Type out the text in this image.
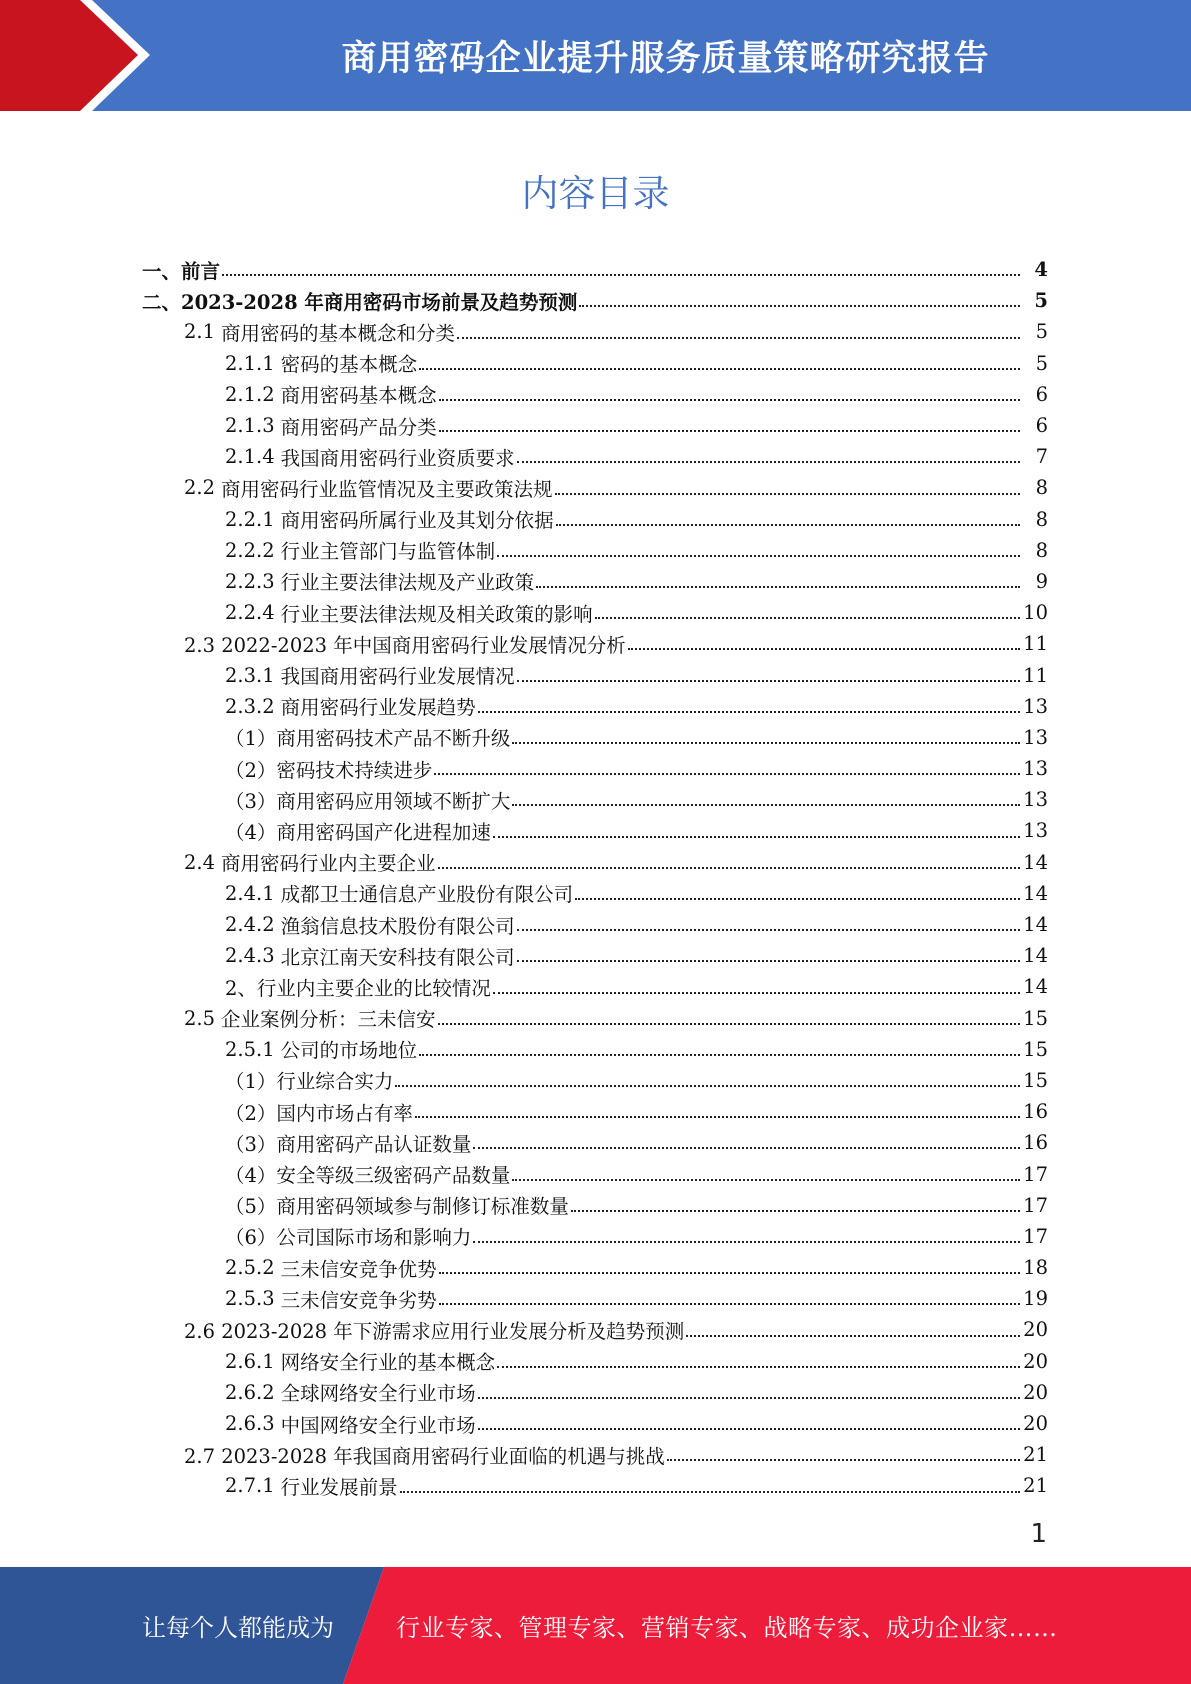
商用密码企业提升服务质量策略研究报告
内容目录
一、前言	4
二、2023-2028 年商用密码市场前景及趋势预测	5
2.1 商用密码的基本概念和分类	5
2.1.1 密码的基本概念	5
2.1.2 商用密码基本概念	6
2.1.3 商用密码产品分类	6
2.1.4 我国商用密码行业资质要求	7
2.2 商用密码行业监管情况及主要政策法规	8
2.2.1 商用密码所属行业及其划分依据	8
2.2.2 行业主管部门与监管体制	8
2.2.3 行业主要法律法规及产业政策	9
2.2.4 行业主要法律法规及相关政策的影响	10
2.3 2022-2023 年中国商用密码行业发展情况分析	11
2.3.1 我国商用密码行业发展情况	11
2.3.2 商用密码行业发展趋势	13
（1）商用密码技术产品不断升级	13
（2）密码技术持续进步	13
（3）商用密码应用领域不断扩大	13
（4）商用密码国产化进程加速	13
2.4 商用密码行业内主要企业	14
2.4.1 成都卫士通信息产业股份有限公司	14
2.4.2 渔翁信息技术股份有限公司	14
2.4.3 北京江南天安科技有限公司	14
2、行业内主要企业的比较情况	14
2.5 企业案例分析：三未信安	15
2.5.1 公司的市场地位	15
（1）行业综合实力	15
（2）国内市场占有率	16
（3）商用密码产品认证数量	16
（4）安全等级三级密码产品数量	17
（5）商用密码领域参与制修订标准数量	17
（6）公司国际市场和影响力	17
2.5.2 三未信安竞争优势	18
2.5.3 三未信安竞争劣势	19
2.6 2023-2028 年下游需求应用行业发展分析及趋势预测	20
2.6.1 网络安全行业的基本概念	20
2.6.2 全球网络安全行业市场	20
2.6.3 中国网络安全行业市场	20
2.7 2023-2028 年我国商用密码行业面临的机遇与挑战	21
2.7.1 行业发展前景	21
1
让每个人都能成为	行业专家、管理专家、营销专家、战略专家、成功企业家……
